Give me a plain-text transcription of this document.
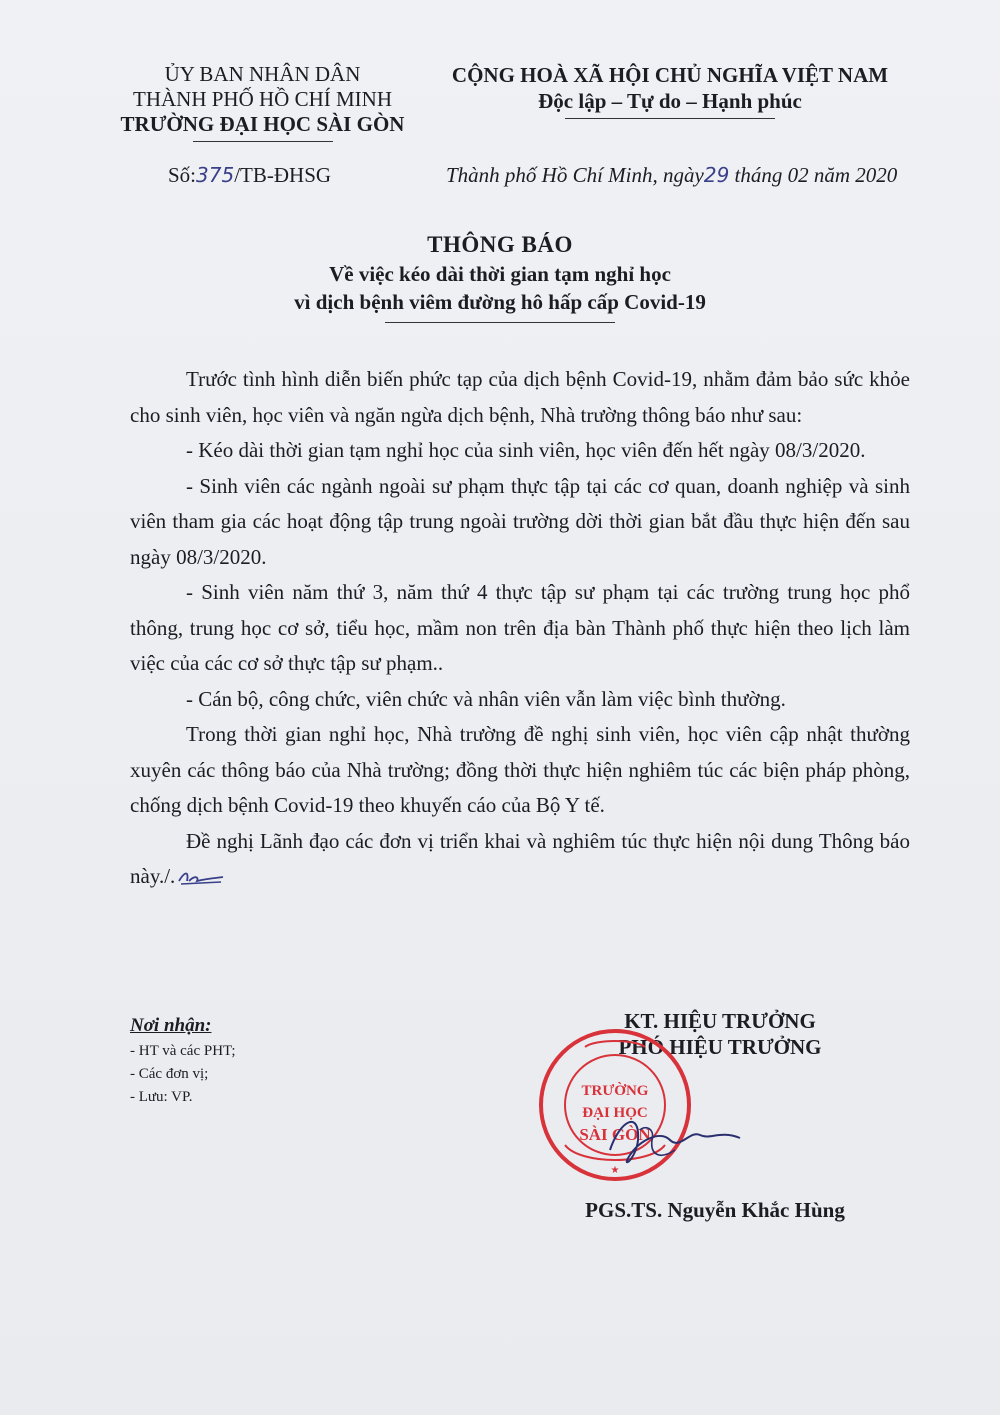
ỦY BAN NHÂN DÂN
THÀNH PHỐ HỒ CHÍ MINH
TRƯỜNG ĐẠI HỌC SÀI GÒN
CỘNG HOÀ XÃ HỘI CHỦ NGHĨA VIỆT NAM
Độc lập – Tự do – Hạnh phúc
Số:375/TB-ĐHSG	Thành phố Hồ Chí Minh, ngày29 tháng 02 năm 2020
THÔNG BÁO
Về việc kéo dài thời gian tạm nghỉ học
vì dịch bệnh viêm đường hô hấp cấp Covid-19

Trước tình hình diễn biến phức tạp của dịch bệnh Covid-19, nhằm đảm bảo sức khỏe cho sinh viên, học viên và ngăn ngừa dịch bệnh, Nhà trường thông báo như sau:

- Kéo dài thời gian tạm nghỉ học của sinh viên, học viên đến hết ngày 08/3/2020.

- Sinh viên các ngành ngoài sư phạm thực tập tại các cơ quan, doanh nghiệp và sinh viên tham gia các hoạt động tập trung ngoài trường dời thời gian bắt đầu thực hiện đến sau ngày 08/3/2020.

- Sinh viên năm thứ 3, năm thứ 4 thực tập sư phạm tại các trường trung học phổ thông, trung học cơ sở, tiểu học, mầm non trên địa bàn Thành phố thực hiện theo lịch làm việc của các cơ sở thực tập sư phạm..

- Cán bộ, công chức, viên chức và nhân viên vẫn làm việc bình thường.

Trong thời gian nghỉ học, Nhà trường đề nghị sinh viên, học viên cập nhật thường xuyên các thông báo của Nhà trường; đồng thời thực hiện nghiêm túc các biện pháp phòng, chống dịch bệnh Covid-19 theo khuyến cáo của Bộ Y tế.

Đề nghị Lãnh đạo các đơn vị triển khai và nghiêm túc thực hiện nội dung Thông báo này./.

Nơi nhận:
- HT và các PHT;
- Các đơn vị;
- Lưu: VP.
KT. HIỆU TRƯỞNG
PHÓ HIỆU TRƯỞNG
TRƯỜNG
ĐẠI HỌC
SÀI GÒN
★
PGS.TS. Nguyễn Khắc Hùng
